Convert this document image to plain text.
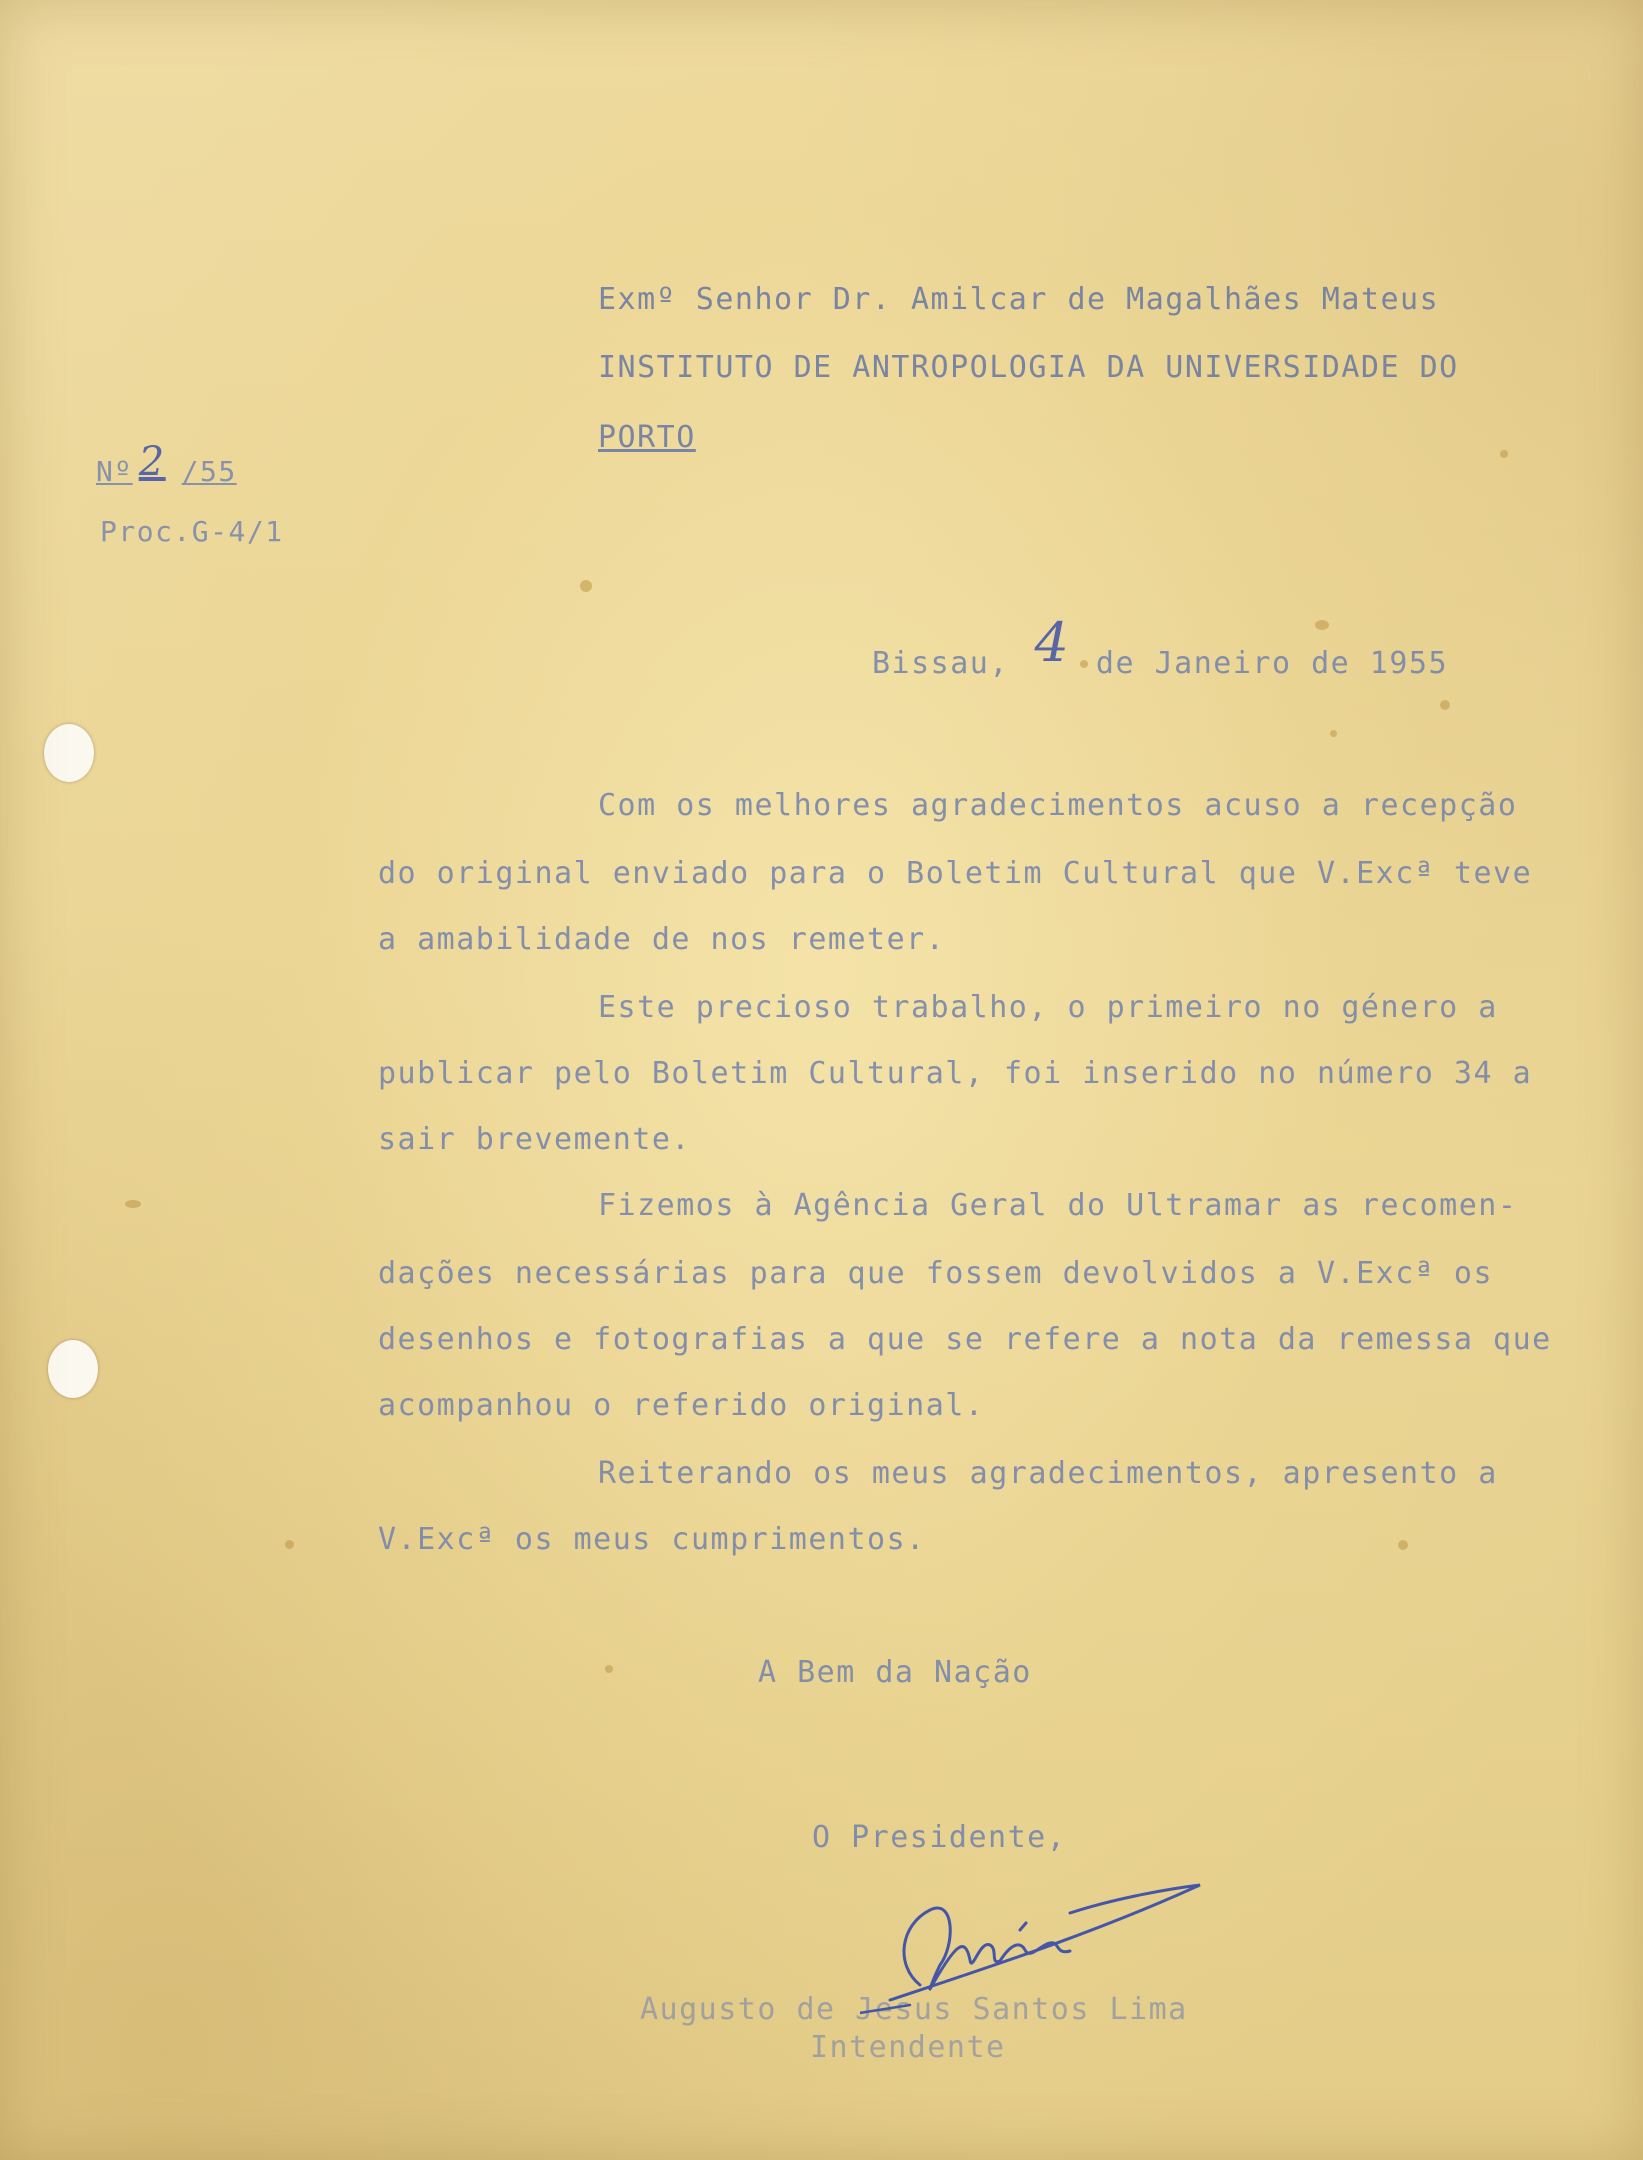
Exmº Senhor Dr. Amilcar de Magalhães Mateus
INSTITUTO DE ANTROPOLOGIA DA UNIVERSIDADE DO
PORTO
Nº 2 /55
Proc.G-4/1
Bissau, 4 de Janeiro de 1955
Com os melhores agradecimentos acuso a recepção
do original enviado para o Boletim Cultural que V.Excª teve
a amabilidade de nos remeter.
Este precioso trabalho, o primeiro no género a
publicar pelo Boletim Cultural, foi inserido no número 34 a
sair brevemente.
Fizemos à Agência Geral do Ultramar as recomen-
dações necessárias para que fossem devolvidos a V.Excª os
desenhos e fotografias a que se refere a nota da remessa que
acompanhou o referido original.
Reiterando os meus agradecimentos, apresento a
V.Excª os meus cumprimentos.
A Bem da Nação
O Presidente,
Augusto de Jesus Santos Lima
Intendente
